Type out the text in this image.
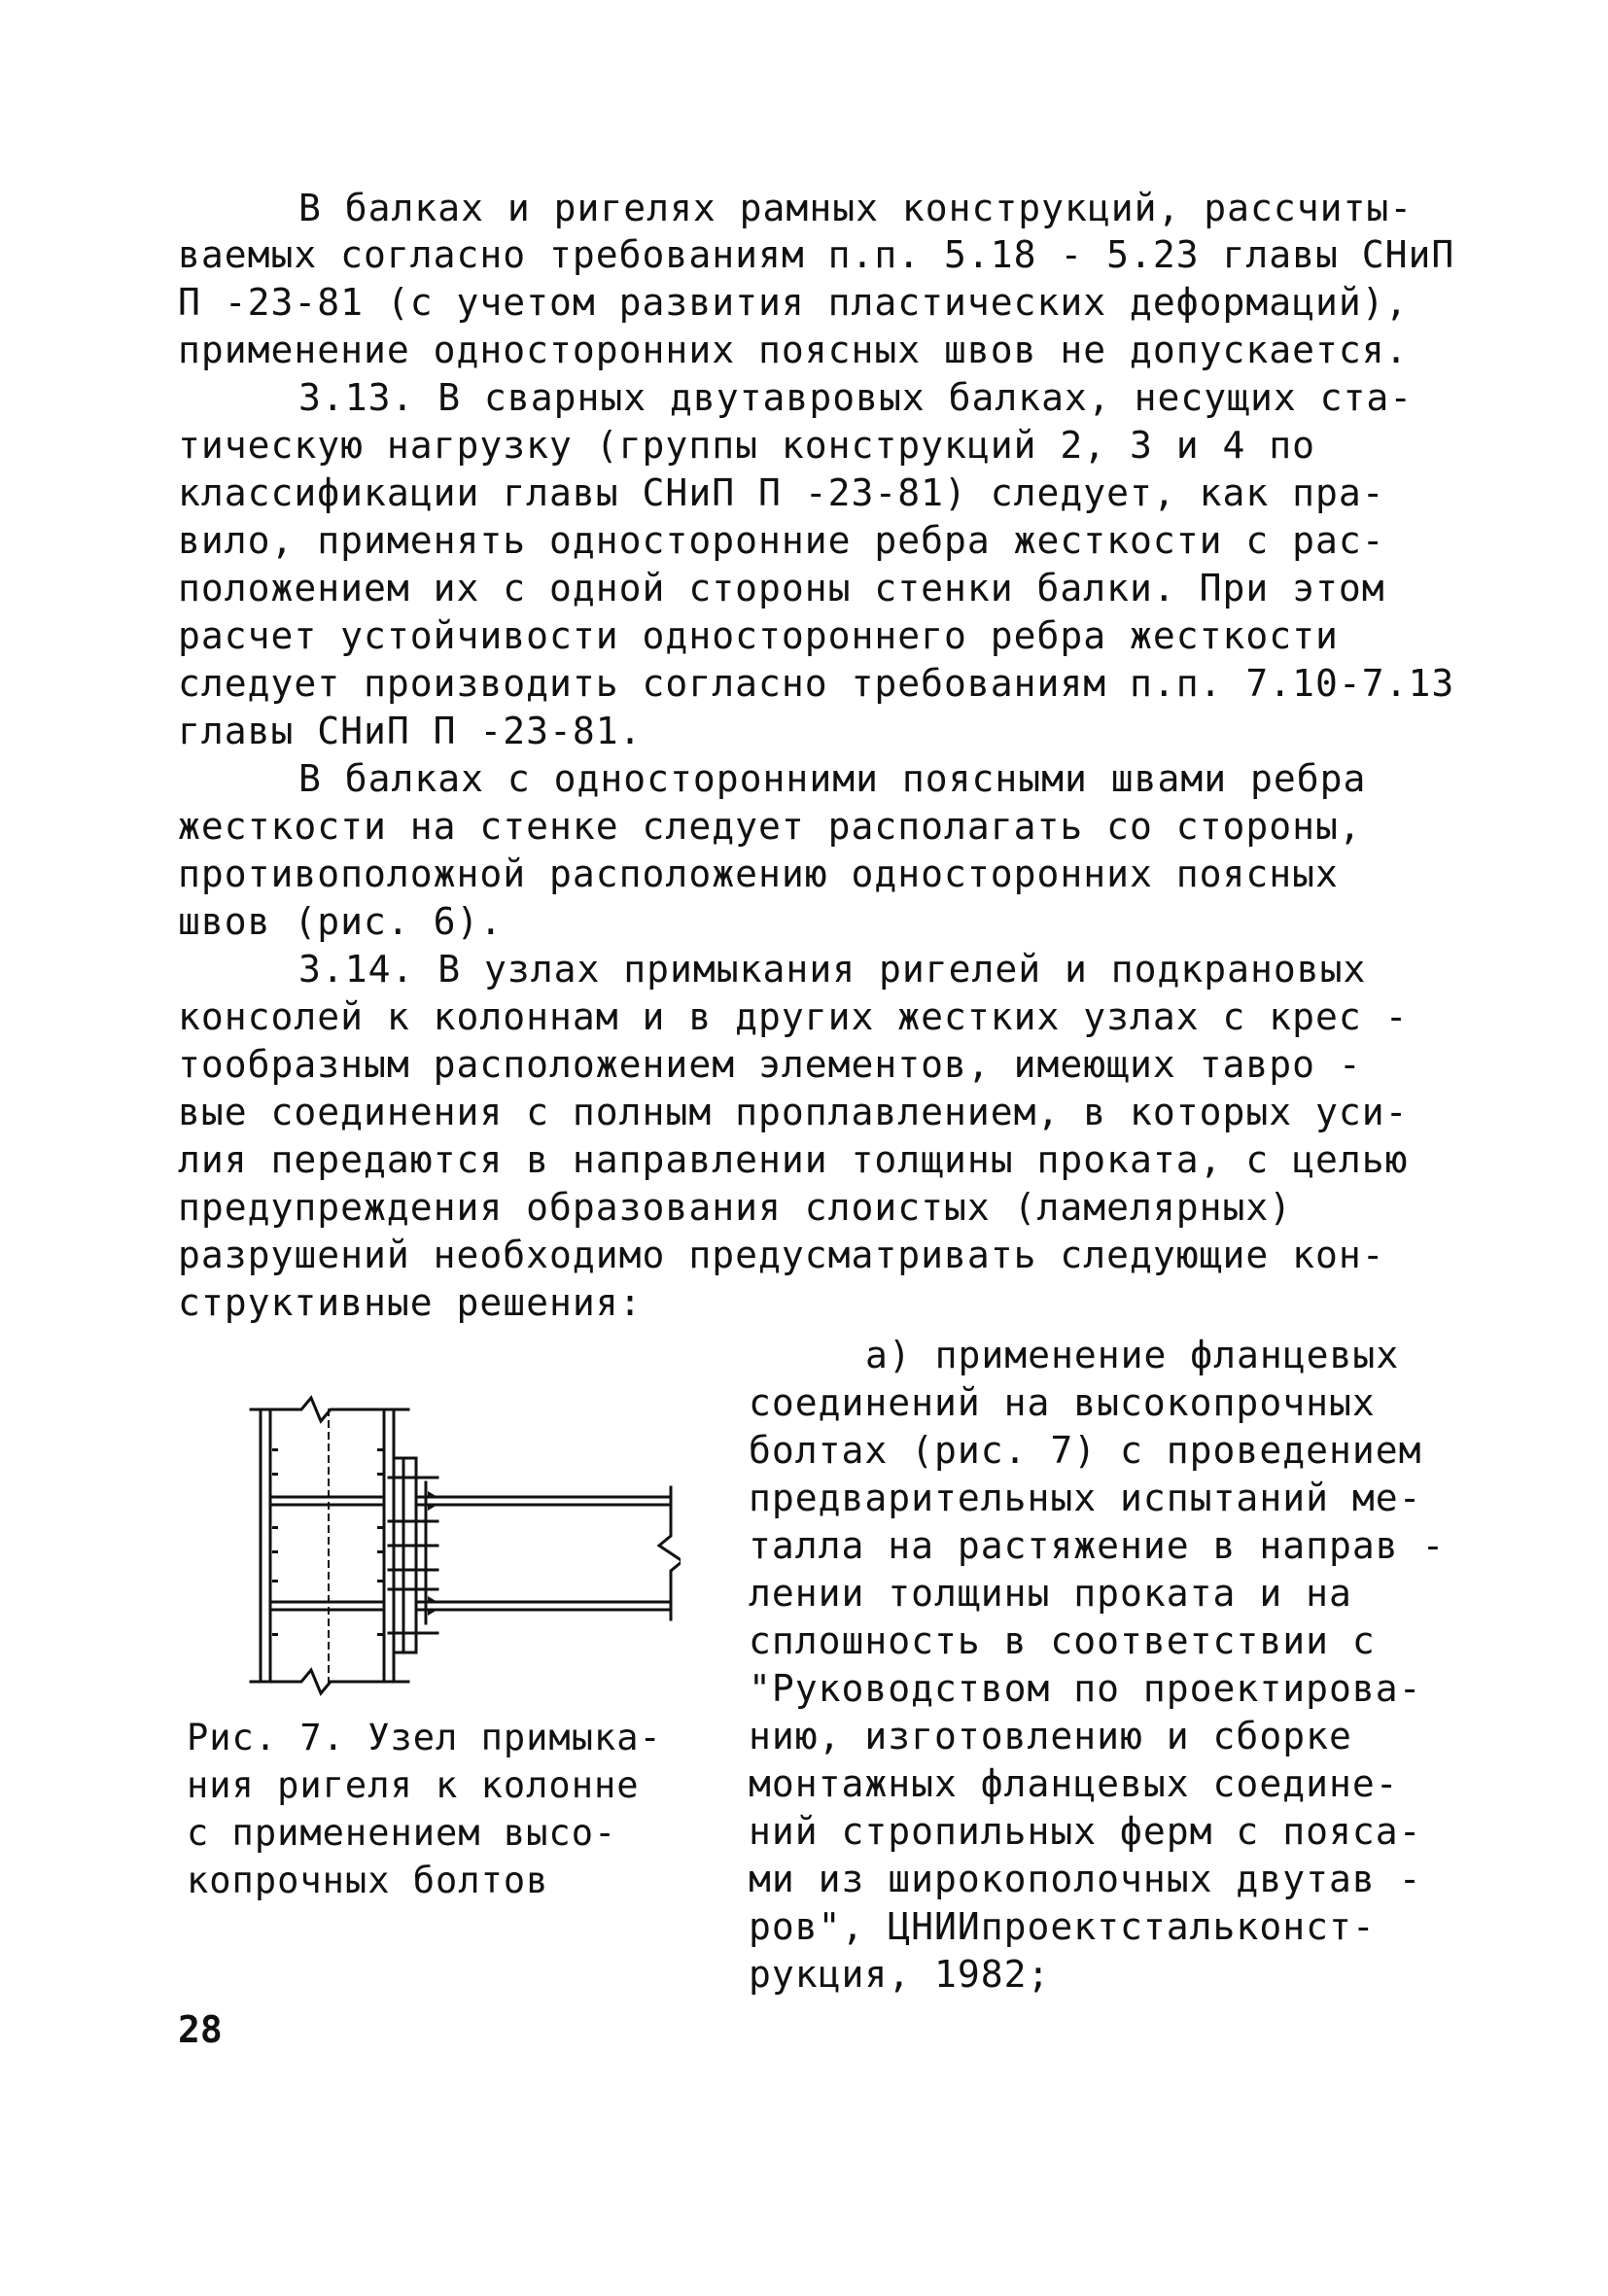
В балках и ригелях рамных конструкций, рассчиты-
ваемых согласно требованиям п.п. 5.18 - 5.23 главы СНиП
П -23-81 (с учетом развития пластических деформаций),
применение односторонних поясных швов не допускается.
3.13. В сварных двутавровых балках, несущих ста-
тическую нагрузку (группы конструкций 2, 3 и 4 по
классификации главы СНиП П -23-81) следует, как пра-
вило, применять односторонние ребра жесткости с рас-
положением их с одной стороны стенки балки. При этом
расчет устойчивости одностороннего ребра жесткости
следует производить согласно требованиям п.п. 7.10-7.13
главы СНиП П -23-81.
В балках с односторонними поясными швами ребра
жесткости на стенке следует располагать со стороны,
противоположной расположению односторонних поясных
швов (рис. 6).
3.14. В узлах примыкания ригелей и подкрановых
консолей к колоннам и в других жестких узлах с крес -
тообразным расположением элементов, имеющих тавро -
вые соединения с полным проплавлением, в которых уси-
лия передаются в направлении толщины проката, с целью
предупреждения образования слоистых (ламелярных)
разрушений необходимо предусматривать следующие кон-
структивные решения:
а) применение фланцевых
соединений на высокопрочных
болтах (рис. 7) с проведением
предварительных испытаний ме-
талла на растяжение в направ -
лении толщины проката и на
сплошность в соответствии с
"Руководством по проектирова-
нию, изготовлению и сборке
монтажных фланцевых соедине-
ний стропильных ферм с пояса-
ми из широкополочных двутав -
ров", ЦНИИпроектстальконст-
рукция, 1982;
Рис. 7. Узел примыка-
ния ригеля к колонне
с применением высо-
копрочных болтов
28
